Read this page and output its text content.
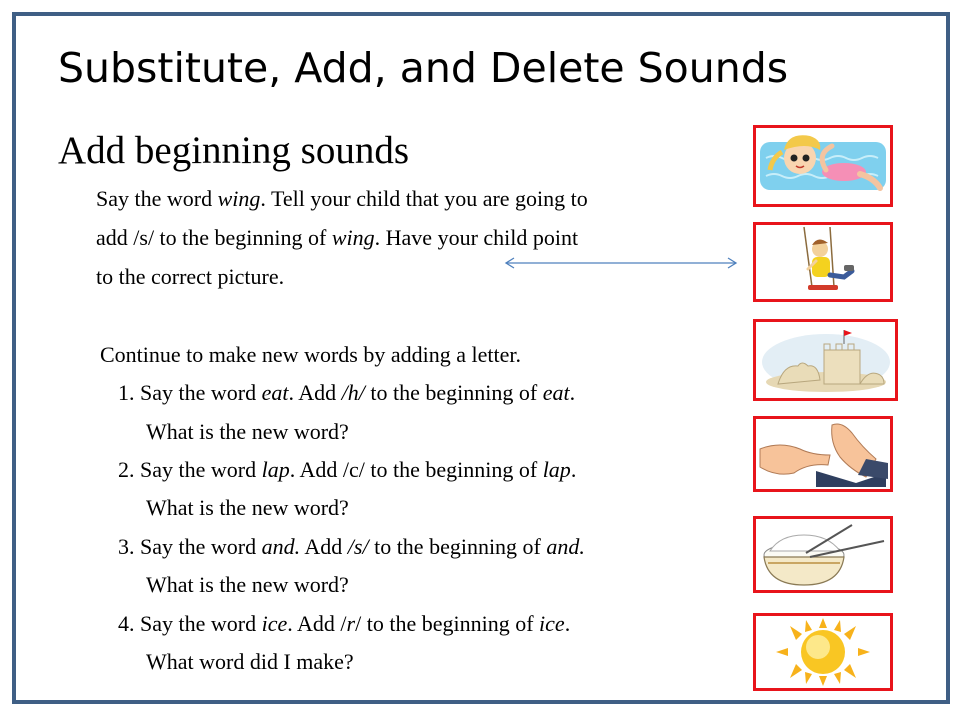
Substitute, Add, and Delete Sounds
Add beginning sounds
Say the word wing. Tell your child that you are going to
add /s/ to the beginning of wing. Have your child point
to the correct picture.
Continue to make new words by adding a letter.
1. Say the word eat. Add /h/ to the beginning of eat.
What is the new word?
2. Say the word lap. Add /c/ to the beginning of lap.
What is the new word?
3. Say the word and. Add /s/ to the beginning of and.
What is the new word?
4. Say the word ice. Add /r/ to the beginning of ice.
What word did I make?
